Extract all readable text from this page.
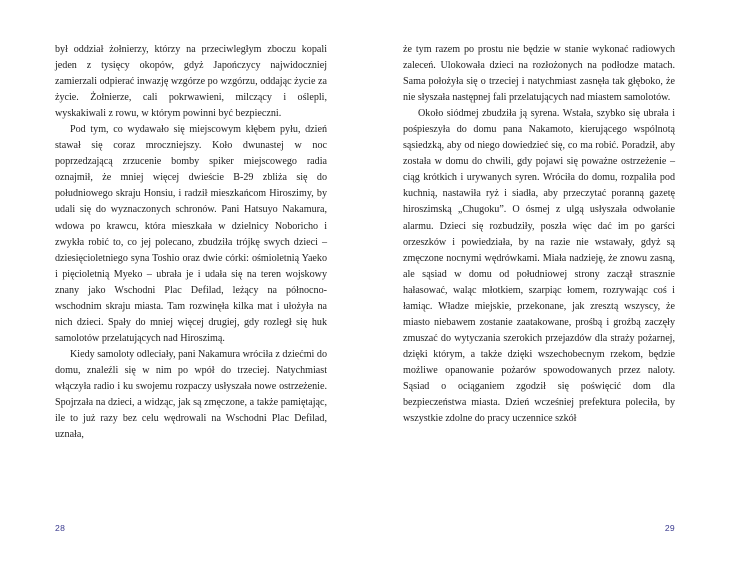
był oddział żołnierzy, którzy na przeciwległym zboczu kopali jeden z tysięcy okopów, gdyż Japończycy najwidoczniej zamierzali odpierać inwazję wzgórze po wzgórzu, oddając życie za życie. Żołnierze, cali pokrwawieni, milczący i oślepli, wyskakiwali z rowu, w którym powinni być bezpieczni.

Pod tym, co wydawało się miejscowym kłębem pyłu, dzień stawał się coraz mroczniejszy. Koło dwunastej w noc poprzedzającą zrzucenie bomby spiker miejscowego radia oznajmił, że mniej więcej dwieście B-29 zbliża się do południowego skraju Honsiu, i radził mieszkańcom Hiroszimy, by udali się do wyznaczonych schronów. Pani Hatsuyo Nakamura, wdowa po krawcu, która mieszkała w dzielnicy Noboricho i zwykła robić to, co jej polecano, zbudziła trójkę swych dzieci – dziesięcioletniego syna Toshio oraz dwie córki: ośmioletnią Yaeko i pięcioletnią Myeko – ubrała je i udała się na teren wojskowy znany jako Wschodni Plac Defilad, leżący na północno-wschodnim skraju miasta. Tam rozwinęła kilka mat i ułożyła na nich dzieci. Spały do mniej więcej drugiej, gdy rozległ się huk samolotów przelatujących nad Hiroszimą.

Kiedy samoloty odleciały, pani Nakamura wróciła z dziećmi do domu, znaleźli się w nim po wpół do trzeciej. Natychmiast włączyła radio i ku swojemu rozpaczy usłyszała nowe ostrzeżenie. Spojrzała na dzieci, a widząc, jak są zmęczone, a także pamiętając, ile to już razy bez celu wędrowali na Wschodni Plac Defilad, uznała,

28

że tym razem po prostu nie będzie w stanie wykonać radiowych zaleceń. Ulokowała dzieci na rozłożonych na podłodze matach. Sama położyła się o trzeciej i natychmiast zasnęła tak głęboko, że nie słyszała następnej fali przelatujących nad miastem samolotów.

Około siódmej zbudziła ją syrena. Wstała, szybko się ubrała i pośpieszyła do domu pana Nakamoto, kierującego wspólnotą sąsiedzką, aby od niego dowiedzieć się, co ma robić. Poradził, aby została w domu do chwili, gdy pojawi się poważne ostrzeżenie – ciąg krótkich i urywanych syren. Wróciła do domu, rozpaliła pod kuchnią, nastawiła ryż i siadła, aby przeczytać poranną gazetę hiroszimską „Chugoku”. O ósmej z ulgą usłyszała odwołanie alarmu. Dzieci się rozbudziły, poszła więc dać im po garści orzeszków i powiedziała, by na razie nie wstawały, gdyż są zmęczone nocnymi wędrówkami. Miała nadzieję, że znowu zasną, ale sąsiad w domu od południowej strony zaczął strasznie hałasować, waląc młotkiem, szarpiąc łomem, rozrywając coś i łamiąc. Władze miejskie, przekonane, jak zresztą wszyscy, że miasto niebawem zostanie zaatakowane, prośbą i groźbą zaczęły zmuszać do wytyczania szerokich przejazdów dla straży pożarnej, dzięki którym, a także dzięki wszechobecnym rzekom, będzie możliwe opanowanie pożarów spowodowanych przez naloty. Sąsiad o ociąganiem zgodził się poświęcić dom dla bezpieczeństwa miasta. Dzień wcześniej prefektura poleciła, by wszystkie zdolne do pracy uczennice szkół

29
